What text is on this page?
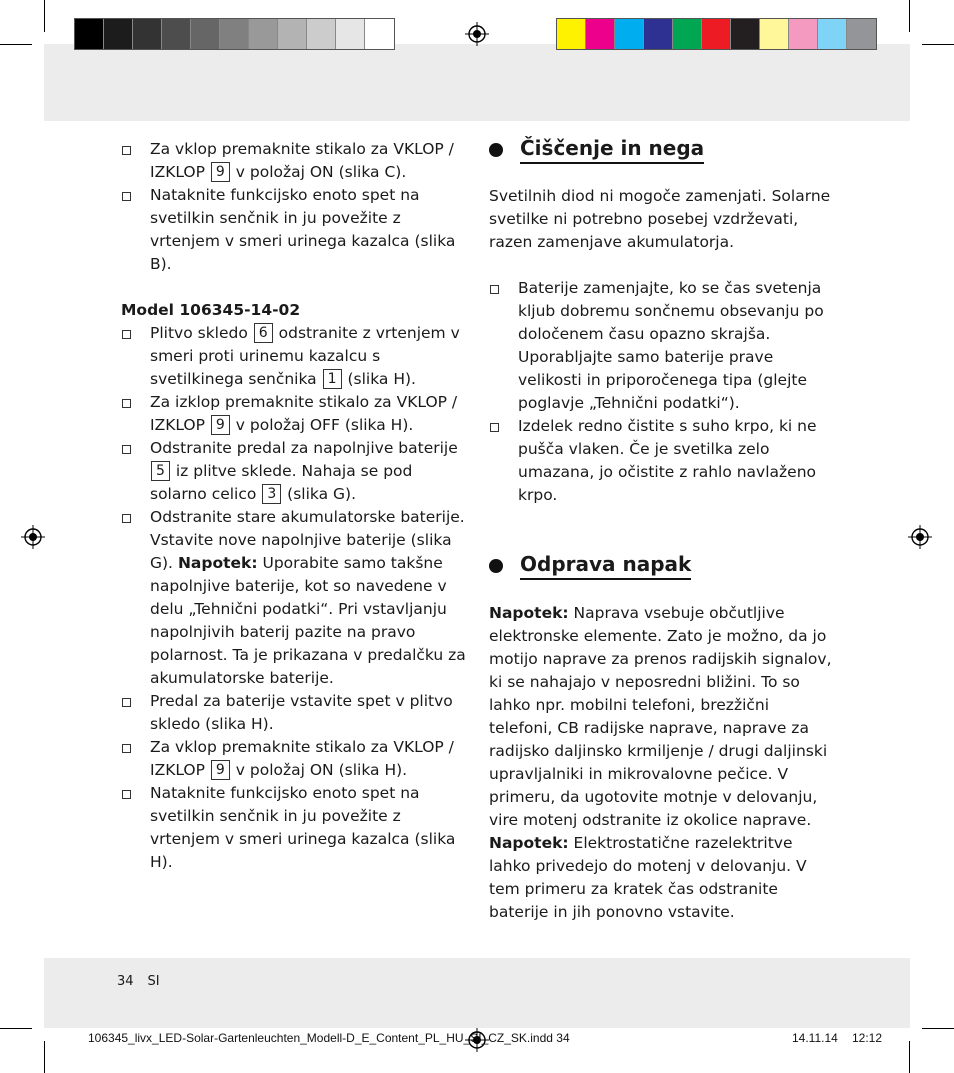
Za vklop premaknite stikalo za VKLOP / IZKLOP 9 v položaj ON (slika C).

Nataknite funkcijsko enoto spet na svetilkin senčnik in ju povežite z vrtenjem v smeri urinega kazalca (slika B).

Model 106345-14-02

Plitvo skledo 6 odstranite z vrtenjem v smeri proti urinemu kazalcu s svetilkinega senčnika 1 (slika H).

Za izklop premaknite stikalo za VKLOP / IZKLOP 9 v položaj OFF (slika H).

Odstranite predal za napolnjive baterije 5 iz plitve sklede. Nahaja se pod solarno celico 3 (slika G).

Odstranite stare akumulatorske baterije. Vstavite nove napolnjive baterije (slika G). Napotek: Uporabite samo takšne napolnjive baterije, kot so navedene v delu „Tehnični podatki“. Pri vstavljanju napolnjivih baterij pazite na pravo polarnost. Ta je prikazana v predalčku za akumulatorske baterije.

Predal za baterije vstavite spet v plitvo skledo (slika H).

Za vklop premaknite stikalo za VKLOP / IZKLOP 9 v položaj ON (slika H).

Nataknite funkcijsko enoto spet na svetilkin senčnik in ju povežite z vrtenjem v smeri urinega kazalca (slika H).

Čiščenje in nega

Svetilnih diod ni mogoče zamenjati. Solarne svetilke ni potrebno posebej vzdrževati, razen zamenjave akumulatorja.

Baterije zamenjajte, ko se čas svetenja kljub dobremu sončnemu obsevanju po določenem času opazno skrajša. Uporabljajte samo baterije prave velikosti in priporočenega tipa (glejte poglavje „Tehnični podatki“).

Izdelek redno čistite s suho krpo, ki ne pušča vlaken. Če je svetilka zelo umazana, jo očistite z rahlo navlaženo krpo.

Odprava napak

Napotek: Naprava vsebuje občutljive elektronske elemente. Zato je možno, da jo motijo naprave za prenos radijskih signalov, ki se nahajajo v neposredni bližini. To so lahko npr. mobilni telefoni, brezžični telefoni, CB radijske naprave, naprave za radijsko daljinsko krmiljenje / drugi daljinski upravljalniki in mikrovalovne pečice. V primeru, da ugotovite motnje v delovanju, vire motenj odstranite iz okolice naprave.

Napotek: Elektrostatične razelektritve lahko privedejo do motenj v delovanju. V tem primeru za kratek čas odstranite baterije in jih ponovno vstavite.

34 SI
106345_livx_LED-Solar-Gartenleuchten_Modell-D_E_Content_PL_HU_SI_CZ_SK.indd 34	14.11.14 12:12
